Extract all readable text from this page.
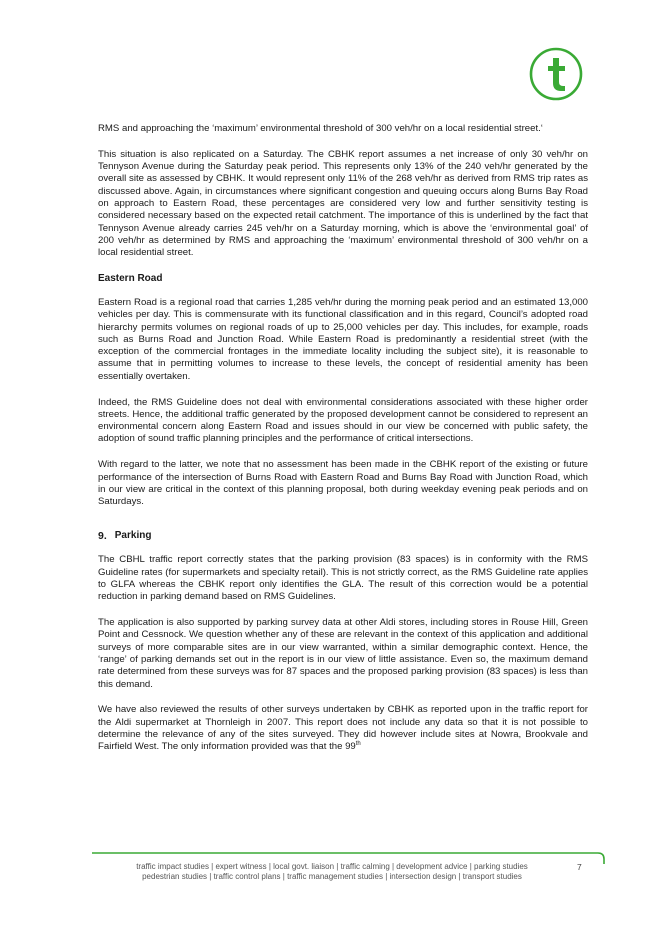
RMS and approaching the ‘maximum’ environmental threshold of 300 veh/hr on a local residential street.‘

This situation is also replicated on a Saturday. The CBHK report assumes a net increase of only 30 veh/hr on Tennyson Avenue during the Saturday peak period. This represents only 13% of the 240 veh/hr generated by the overall site as assessed by CBHK. It would represent only 11% of the 268 veh/hr as derived from RMS trip rates as discussed above. Again, in circumstances where significant congestion and queuing occurs along Burns Bay Road on approach to Eastern Road, these percentages are considered very low and further sensitivity testing is considered necessary based on the expected retail catchment. The importance of this is underlined by the fact that Tennyson Avenue already carries 245 veh/hr on a Saturday morning, which is above the ‘environmental goal’ of 200 veh/hr as determined by RMS and approaching the ‘maximum’ environmental threshold of 300 veh/hr on a local residential street.

Eastern Road

Eastern Road is a regional road that carries 1,285 veh/hr during the morning peak period and an estimated 13,000 vehicles per day. This is commensurate with its functional classification and in this regard, Council’s adopted road hierarchy permits volumes on regional roads of up to 25,000 vehicles per day. This includes, for example, roads such as Burns Road and Junction Road. While Eastern Road is predominantly a residential street (with the exception of the commercial frontages in the immediate locality including the subject site), it is reasonable to assume that in permitting volumes to increase to these levels, the concept of residential amenity has been essentially overtaken.

Indeed, the RMS Guideline does not deal with environmental considerations associated with these higher order streets. Hence, the additional traffic generated by the proposed development cannot be considered to represent an environmental concern along Eastern Road and issues should in our view be concerned with public safety, the adoption of sound traffic planning principles and the performance of critical intersections.

With regard to the latter, we note that no assessment has been made in the CBHK report of the existing or future performance of the intersection of Burns Road with Eastern Road and Burns Bay Road with Junction Road, which in our view are critical in the context of this planning proposal, both during weekday evening peak periods and on Saturdays.

9. Parking

The CBHL traffic report correctly states that the parking provision (83 spaces) is in conformity with the RMS Guideline rates (for supermarkets and specialty retail). This is not strictly correct, as the RMS Guideline rate applies to GLFA whereas the CBHK report only identifies the GLA. The result of this correction would be a potential reduction in parking demand based on RMS Guidelines.

The application is also supported by parking survey data at other Aldi stores, including stores in Rouse Hill, Green Point and Cessnock. We question whether any of these are relevant in the context of this application and additional surveys of more comparable sites are in our view warranted, within a similar demographic context. Hence, the ‘range’ of parking demands set out in the report is in our view of little assistance. Even so, the maximum demand rate determined from these surveys was for 87 spaces and the proposed parking provision (83 spaces) is less than this demand.

We have also reviewed the results of other surveys undertaken by CBHK as reported upon in the traffic report for the Aldi supermarket at Thornleigh in 2007. This report does not include any data so that it is not possible to determine the relevance of any of the sites surveyed. They did however include sites at Nowra, Brookvale and Fairfield West. The only information provided was that the 99th

traffic impact studies | expert witness | local govt. liaison | traffic calming | development advice | parking studies
pedestrian studies | traffic control plans | traffic management studies | intersection design | transport studies
7
